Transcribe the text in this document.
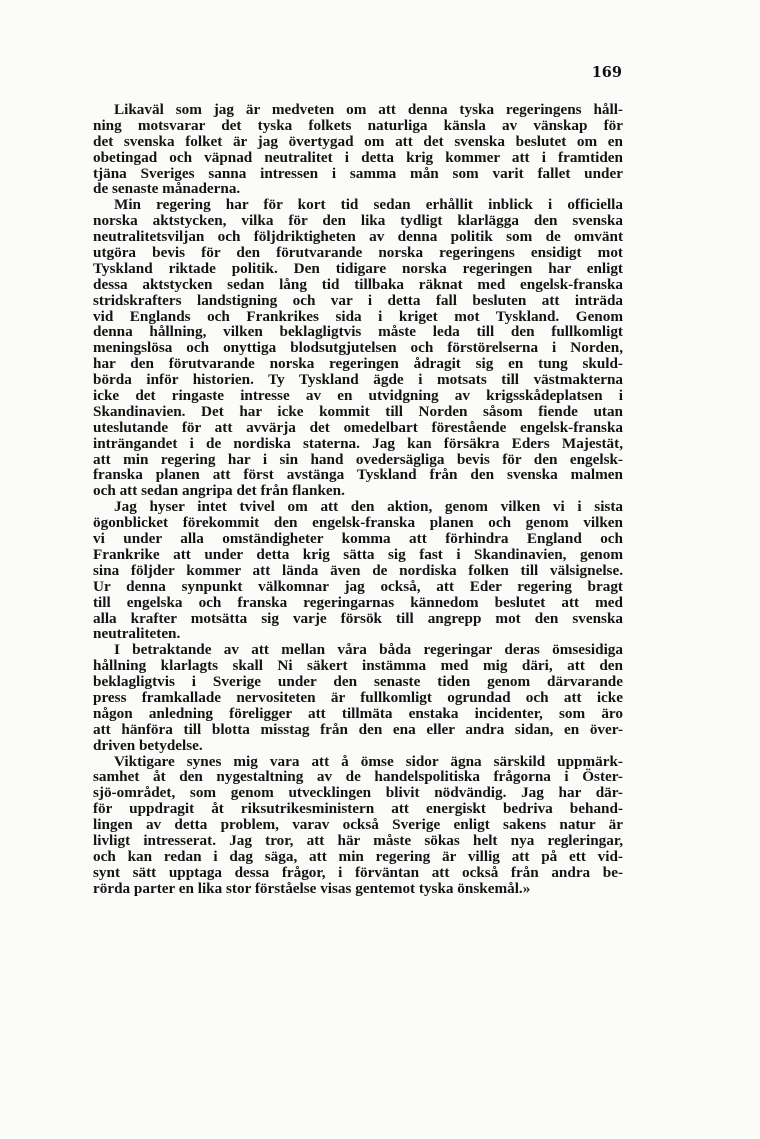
169
Likaväl som jag är medveten om att denna tyska regeringens håll-
ning motsvarar det tyska folkets naturliga känsla av vänskap för
det svenska folket är jag övertygad om att det svenska beslutet om en
obetingad och väpnad neutralitet i detta krig kommer att i framtiden
tjäna Sveriges sanna intressen i samma mån som varit fallet under
de senaste månaderna.
Min regering har för kort tid sedan erhållit inblick i officiella
norska aktstycken, vilka för den lika tydligt klarlägga den svenska
neutralitetsviljan och följdriktigheten av denna politik som de omvänt
utgöra bevis för den förutvarande norska regeringens ensidigt mot
Tyskland riktade politik. Den tidigare norska regeringen har enligt
dessa aktstycken sedan lång tid tillbaka räknat med engelsk-franska
stridskrafters landstigning och var i detta fall besluten att inträda
vid Englands och Frankrikes sida i kriget mot Tyskland. Genom
denna hållning, vilken beklagligtvis måste leda till den fullkomligt
meningslösa och onyttiga blodsutgjutelsen och förstörelserna i Norden,
har den förutvarande norska regeringen ådragit sig en tung skuld-
börda inför historien. Ty Tyskland ägde i motsats till västmakterna
icke det ringaste intresse av en utvidgning av krigsskådeplatsen i
Skandinavien. Det har icke kommit till Norden såsom fiende utan
uteslutande för att avvärja det omedelbart förestående engelsk-franska
inträngandet i de nordiska staterna. Jag kan försäkra Eders Majestät,
att min regering har i sin hand ovedersägliga bevis för den engelsk-
franska planen att först avstänga Tyskland från den svenska malmen
och att sedan angripa det från flanken.
Jag hyser intet tvivel om att den aktion, genom vilken vi i sista
ögonblicket förekommit den engelsk-franska planen och genom vilken
vi under alla omständigheter komma att förhindra England och
Frankrike att under detta krig sätta sig fast i Skandinavien, genom
sina följder kommer att lända även de nordiska folken till välsignelse.
Ur denna synpunkt välkomnar jag också, att Eder regering bragt
till engelska och franska regeringarnas kännedom beslutet att med
alla krafter motsätta sig varje försök till angrepp mot den svenska
neutraliteten.
I betraktande av att mellan våra båda regeringar deras ömsesidiga
hållning klarlagts skall Ni säkert instämma med mig däri, att den
beklagligtvis i Sverige under den senaste tiden genom därvarande
press framkallade nervositeten är fullkomligt ogrundad och att icke
någon anledning föreligger att tillmäta enstaka incidenter, som äro
att hänföra till blotta misstag från den ena eller andra sidan, en över-
driven betydelse.
Viktigare synes mig vara att å ömse sidor ägna särskild uppmärk-
samhet åt den nygestaltning av de handelspolitiska frågorna i Öster-
sjö-området, som genom utvecklingen blivit nödvändig. Jag har där-
för uppdragit åt riksutrikesministern att energiskt bedriva behand-
lingen av detta problem, varav också Sverige enligt sakens natur är
livligt intresserat. Jag tror, att här måste sökas helt nya regleringar,
och kan redan i dag säga, att min regering är villig att på ett vid-
synt sätt upptaga dessa frågor, i förväntan att också från andra be-
rörda parter en lika stor förståelse visas gentemot tyska önskemål.»
